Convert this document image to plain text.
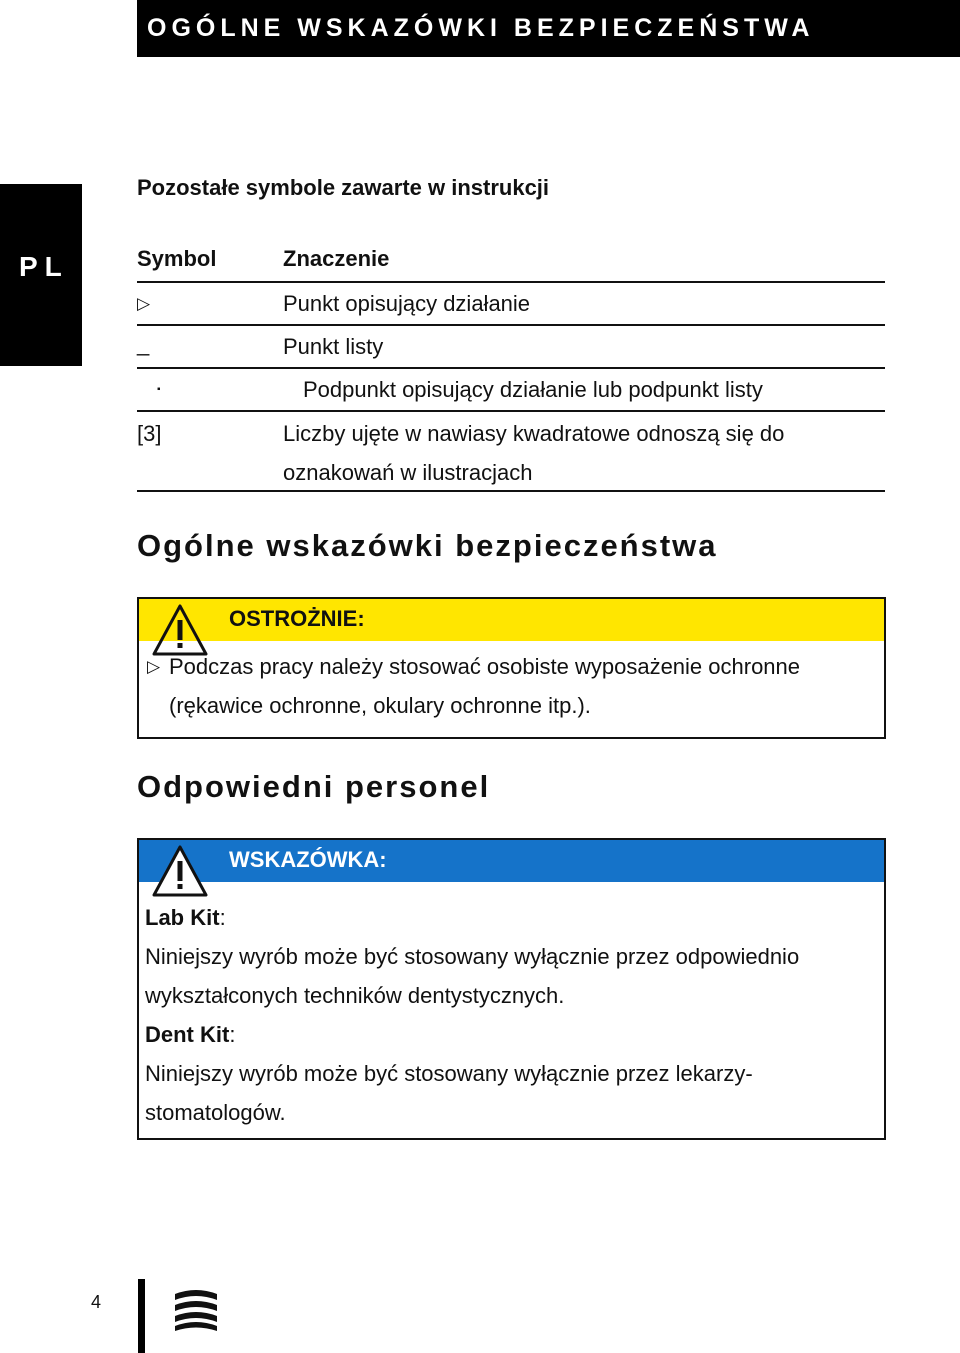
OGÓLNE WSKAZÓWKI BEZPIECZEŃSTWA
PL
Pozostałe symbole zawarte w instrukcji
Symbol	Znaczenie
▷	Punkt opisujący działanie
_	Punkt listy
▪	Podpunkt opisujący działanie lub podpunkt listy
[3]	Liczby ujęte w nawiasy kwadratowe odnoszą się do
oznakowań w ilustracjach
Ogólne wskazówki bezpieczeństwa
OSTROŻNIE:
▷ Podczas pracy należy stosować osobiste wyposażenie ochronne
(rękawice ochronne, okulary ochronne itp.).
Odpowiedni personel
WSKAZÓWKA:
Lab Kit:
Niniejszy wyrób może być stosowany wyłącznie przez odpowiednio
wykształconych techników dentystycznych.
Dent Kit:
Niniejszy wyrób może być stosowany wyłącznie przez lekarzy-
stomatologów.
4
